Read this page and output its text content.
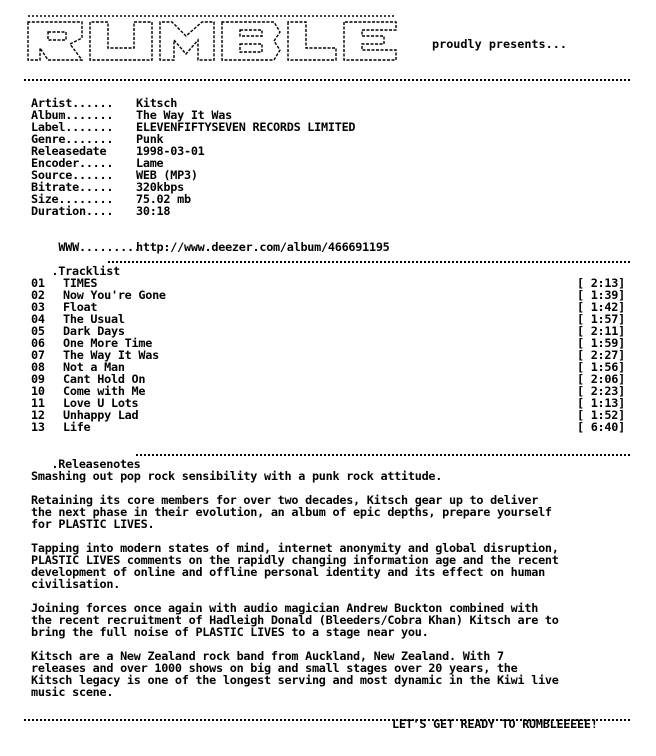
proudly presents...
Artist...... Kitsch
Album....... The Way It Was
Label....... ELEVENFIFTYSEVEN RECORDS LIMITED
Genre....... Punk
Releasedate	1998-03-01
Encoder..... Lame
Source...... WEB (MP3)
Bitrate..... 320kbps
Size........ 75.02 mb
Duration.... 30:18

WWW.........
http://www.deezer.com/album/466691195

.Tracklist

01 TIMES	[ 2:13]
02 Now You're Gone	[ 1:39]
03 Float	[ 1:42]
04 The Usual	[ 1:57]
05 Dark Days	[ 2:11]
06 One More Time	[ 1:59]
07 The Way It Was	[ 2:27]
08 Not a Man	[ 1:56]
09 Cant Hold On	[ 2:06]
10 Come with Me	[ 2:23]
11 Love U Lots	[ 1:13]
12 Unhappy Lad	[ 1:52]
13 Life	[ 6:40]

.Releasenotes

Smashing out pop rock sensibility with a punk rock attitude.
Retaining its core members for over two decades, Kitsch gear up to deliver
the next phase in their evolution, an album of epic depths, prepare yourself
for PLASTIC LIVES.
Tapping into modern states of mind, internet anonymity and global disruption,
PLASTIC LIVES comments on the rapidly changing information age and the recent
development of online and offline personal identity and its effect on human
civilisation.
Joining forces once again with audio magician Andrew Buckton combined with
the recent recruitment of Hadleigh Donald (Bleeders/Cobra Khan) Kitsch are to
bring the full noise of PLASTIC LIVES to a stage near you.
Kitsch are a New Zealand rock band from Auckland, New Zealand. With 7
releases and over 1000 shows on big and small stages over 20 years, the
Kitsch legacy is one of the longest serving and most dynamic in the Kiwi live
music scene.
LET'S GET READY TO RUMBLEEEEE!
